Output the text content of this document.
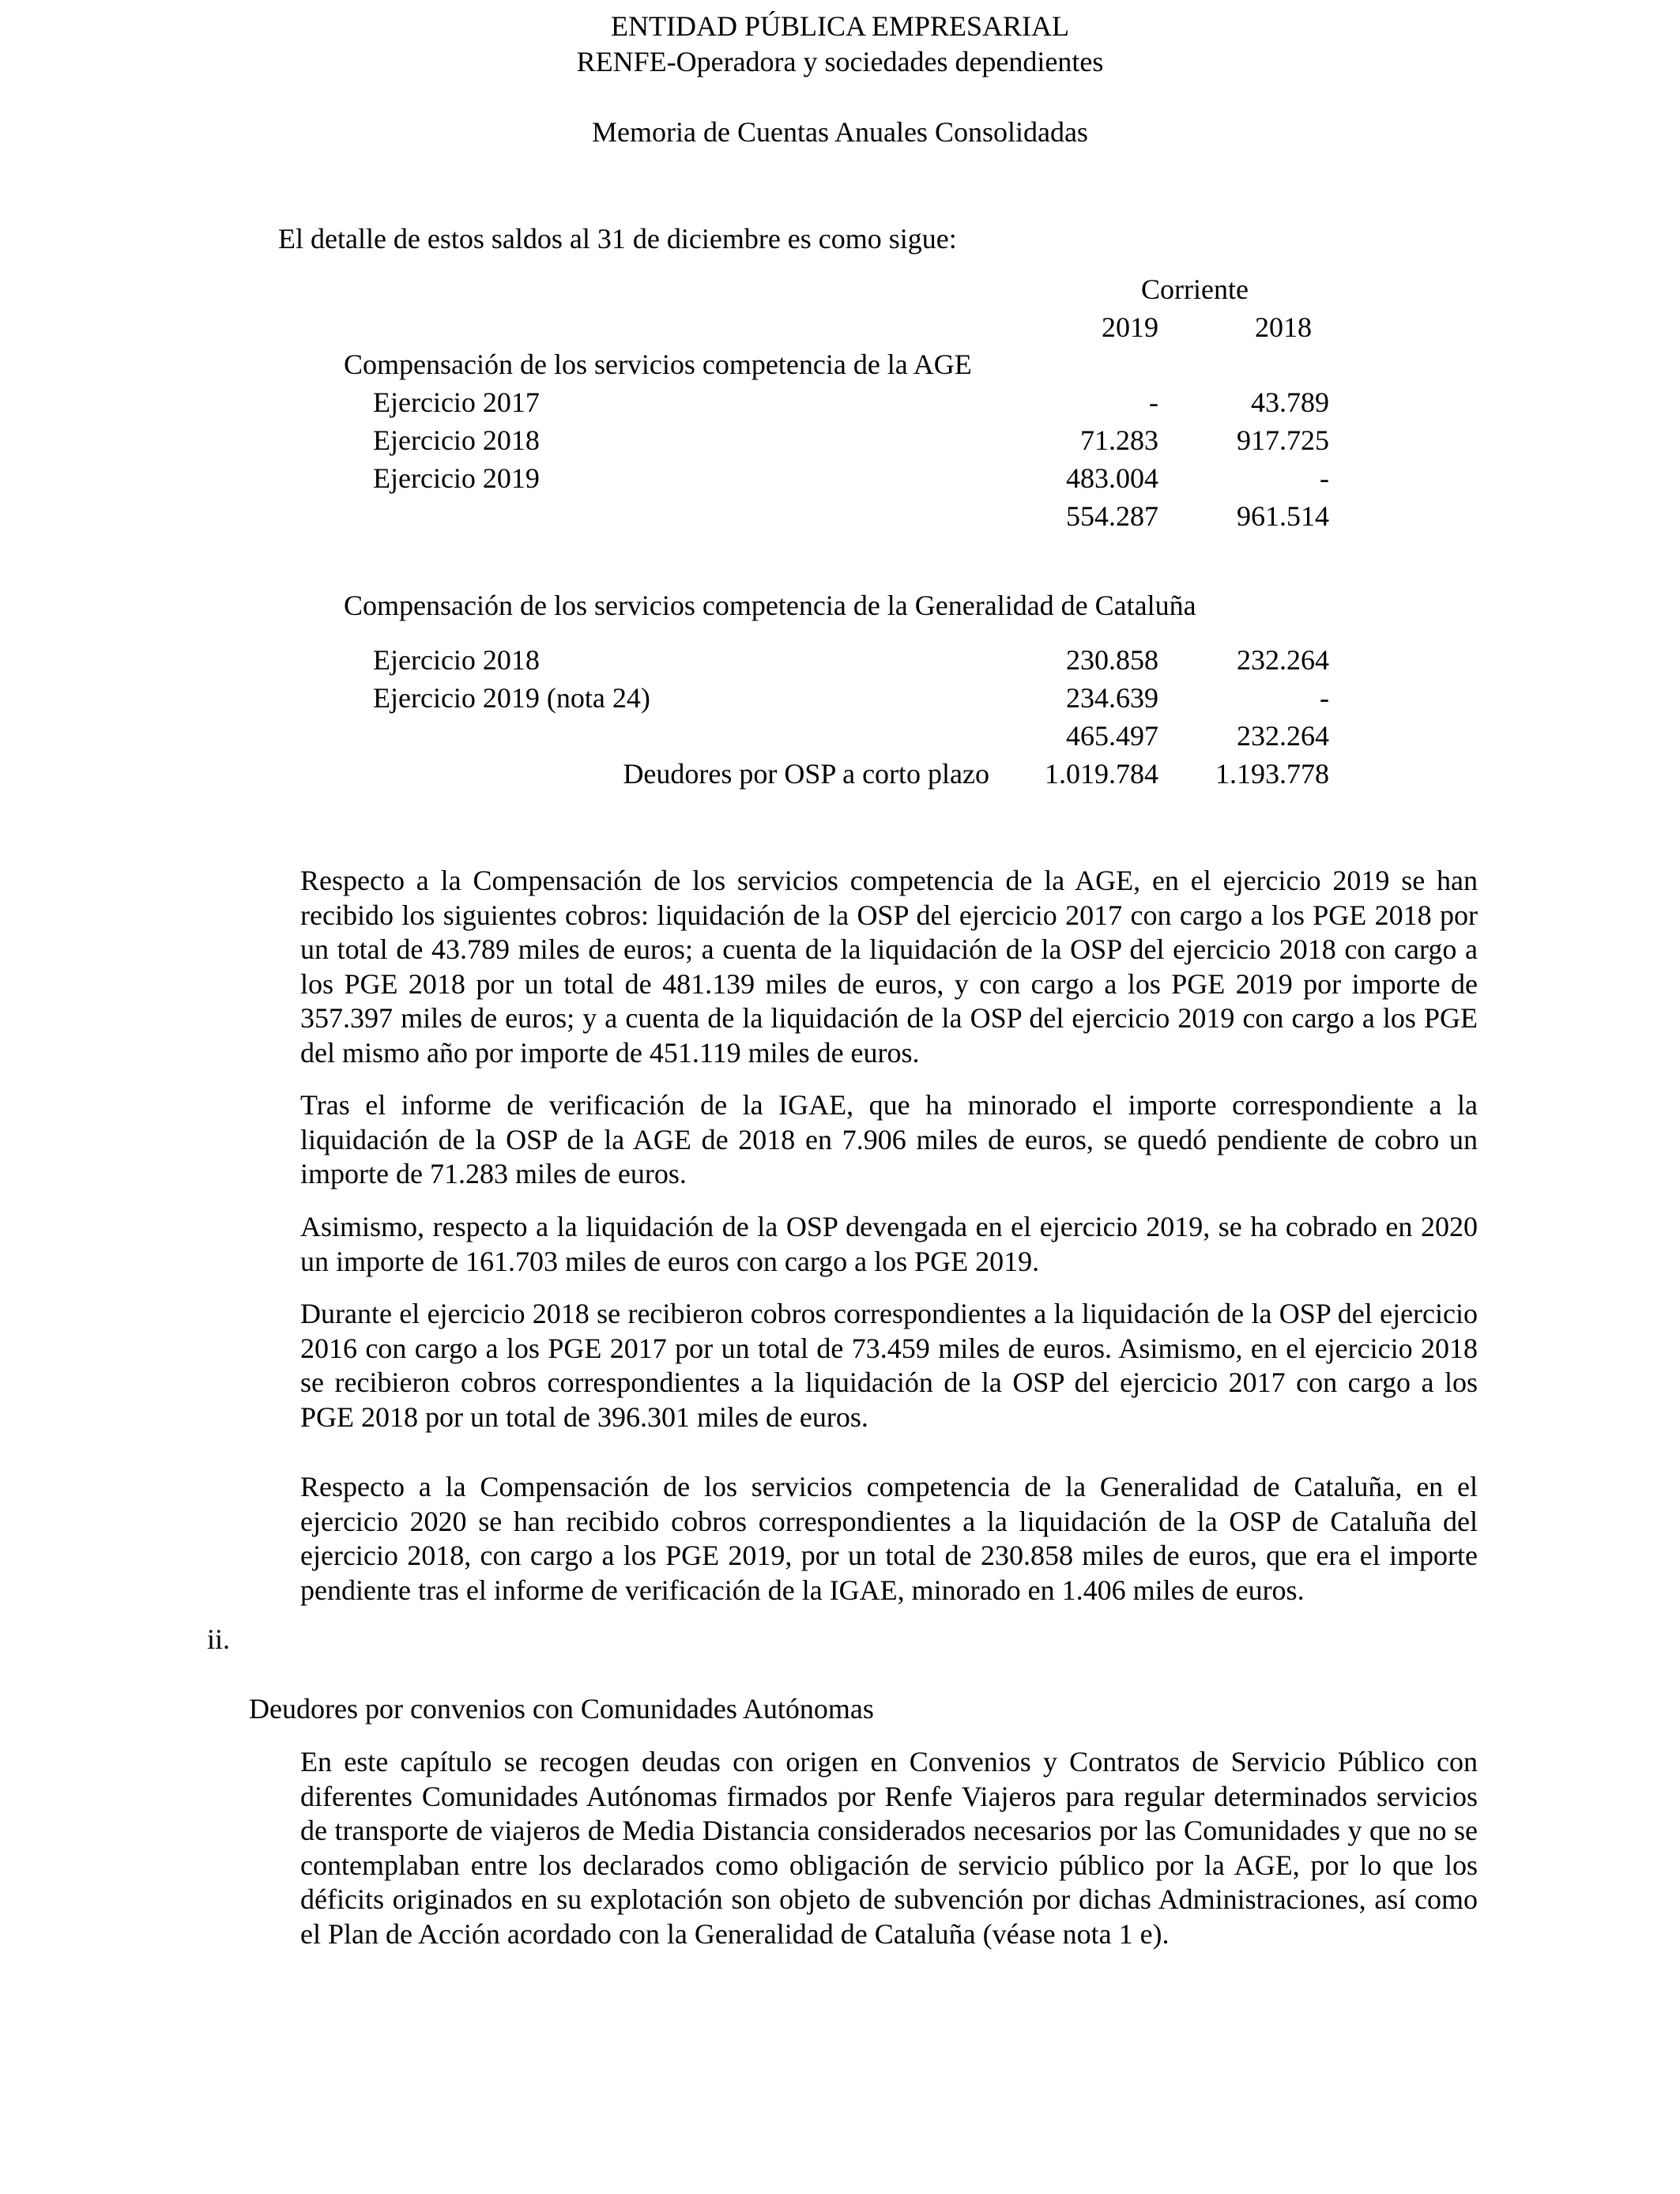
ENTIDAD PÚBLICA EMPRESARIAL

RENFE-Operadora y sociedades dependientes

Memoria de Cuentas Anuales Consolidadas

El detalle de estos saldos al 31 de diciembre es como sigue:

Corriente

2019	2018

Compensación de los servicios competencia de la AGE

Ejercicio 2017	-	43.789

Ejercicio 2018	71.283	917.725

Ejercicio 2019	483.004	-

554.287	961.514

Compensación de los servicios competencia de la Generalidad de Cataluña

Ejercicio 2018	230.858	232.264

Ejercicio 2019 (nota 24)	234.639	-

465.497	232.264

Deudores por OSP a corto plazo	1.019.784	1.193.778

Respecto a la Compensación de los servicios competencia de la AGE, en el ejercicio 2019 se han recibido los siguientes cobros: liquidación de la OSP del ejercicio 2017 con cargo a los PGE 2018 por un total de 43.789 miles de euros; a cuenta de la liquidación de la OSP del ejercicio 2018 con cargo a los PGE 2018 por un total de 481.139 miles de euros, y con cargo a los PGE 2019 por importe de 357.397 miles de euros; y a cuenta de la liquidación de la OSP del ejercicio 2019 con cargo a los PGE del mismo año por importe de 451.119 miles de euros.

Tras el informe de verificación de la IGAE, que ha minorado el importe correspondiente a la liquidación de la OSP de la AGE de 2018 en 7.906 miles de euros, se quedó pendiente de cobro un importe de 71.283 miles de euros.

Asimismo, respecto a la liquidación de la OSP devengada en el ejercicio 2019, se ha cobrado en 2020 un importe de 161.703 miles de euros con cargo a los PGE 2019.

Durante el ejercicio 2018 se recibieron cobros correspondientes a la liquidación de la OSP del ejercicio 2016 con cargo a los PGE 2017 por un total de 73.459 miles de euros. Asimismo, en el ejercicio 2018 se recibieron cobros correspondientes a la liquidación de la OSP del ejercicio 2017 con cargo a los PGE 2018 por un total de 396.301 miles de euros.

Respecto a la Compensación de los servicios competencia de la Generalidad de Cataluña, en el ejercicio 2020 se han recibido cobros correspondientes a la liquidación de la OSP de Cataluña del ejercicio 2018, con cargo a los PGE 2019, por un total de 230.858 miles de euros, que era el importe pendiente tras el informe de verificación de la IGAE, minorado en 1.406 miles de euros.

ii.

Deudores por convenios con Comunidades Autónomas

En este capítulo se recogen deudas con origen en Convenios y Contratos de Servicio Público con diferentes Comunidades Autónomas firmados por Renfe Viajeros para regular determinados servicios de transporte de viajeros de Media Distancia considerados necesarios por las Comunidades y que no se contemplaban entre los declarados como obligación de servicio público por la AGE, por lo que los déficits originados en su explotación son objeto de subvención por dichas Administraciones, así como el Plan de Acción acordado con la Generalidad de Cataluña (véase nota 1 e).
